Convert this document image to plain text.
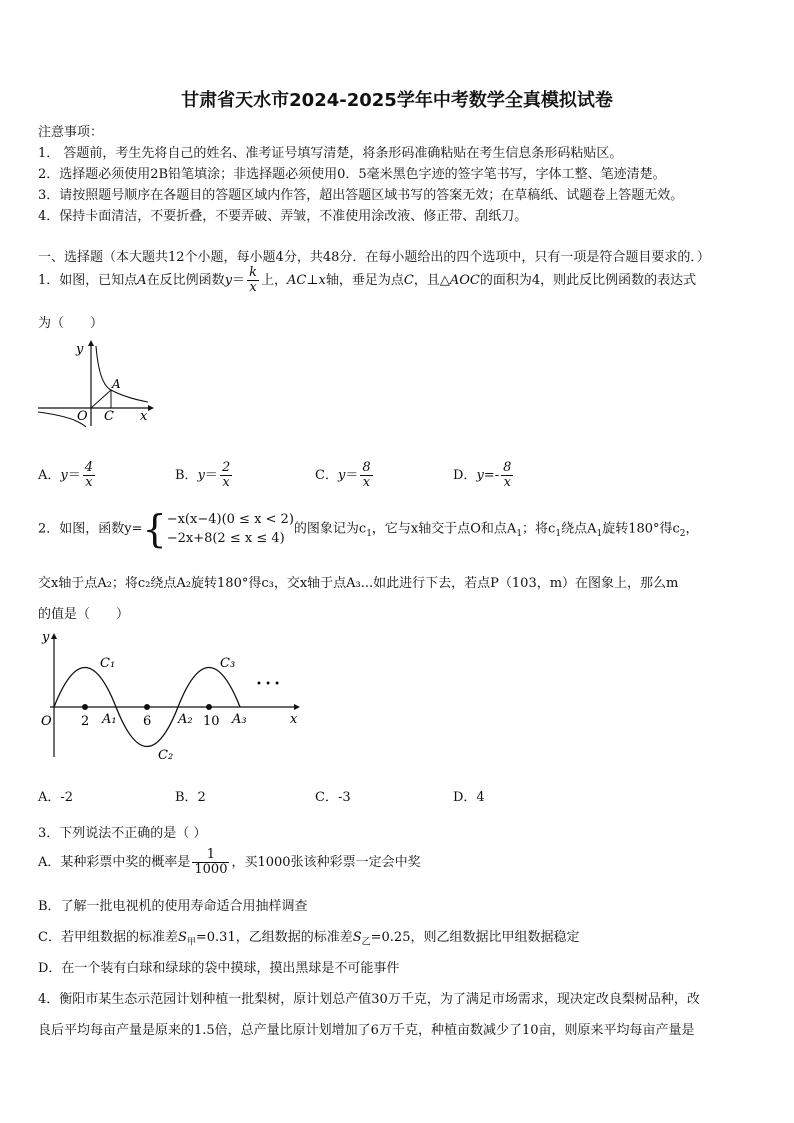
甘肃省天水市2024-2025学年中考数学全真模拟试卷
注意事项：
1． 答题前，考生先将自己的姓名、准考证号填写清楚，将条形码准确粘贴在考生信息条形码粘贴区。
2．选择题必须使用2B铅笔填涂；非选择题必须使用0．5毫米黑色字迹的签字笔书写，字体工整、笔迹清楚。
3．请按照题号顺序在各题目的答题区域内作答，超出答题区域书写的答案无效；在草稿纸、试题卷上答题无效。
4．保持卡面清洁，不要折叠，不要弄破、弄皱，不准使用涂改液、修正带、刮纸刀。
一、选择题（本大题共12个小题，每小题4分，共48分．在每小题给出的四个选项中，只有一项是符合题目要求的．）
1．如图，已知点A在反比例函数$y= \frac{k}{x}$ 上，AC⊥x轴，垂足为点C，且△AOC的面积为4，则此反比例函数的表达式
为（　　）
y
x
O
A
C
A．$y= \frac{4}{x}$	B．$y= \frac{2}{x}$	C．$y= \frac{8}{x}$	D．$y=- \frac{8}{x}$
2．如图，函数y={ −x(x−4)(0 ≤ x < 2)
−2x+8(2 ≤ x ≤ 4)
的图象记为$c_1$，它与x轴交于点O和点$A_1$；将$c_1$绕点$A_1$旋转180°得$c_2$，
交x轴于点A₂；将c₂绕点A₂旋转180°得c₃，交x轴于点A₃...如此进行下去，若点P（103，m）在图象上，那么m
的值是（　　）
O
y
x
2	6	10
A₁	A₂	A₃
C₁
C₂
C₃
• • •
A．-2	B．2	C．-3	D．4
3．下列说法不正确的是（ ）
A．某种彩票中奖的概率是 $\frac{1}{1000}$ ，买1000张该种彩票一定会中奖
B．了解一批电视机的使用寿命适合用抽样调查
C．若甲组数据的标准差$S_甲=0.31$，乙组数据的标准差$S_乙=0.25$，则乙组数据比甲组数据稳定
D．在一个装有白球和绿球的袋中摸球，摸出黑球是不可能事件
4．衡阳市某生态示范园计划种植一批梨树，原计划总产值30万千克，为了满足市场需求，现决定改良梨树品种，改
良后平均每亩产量是原来的1.5倍，总产量比原计划增加了6万千克，种植亩数减少了10亩，则原来平均每亩产量是
